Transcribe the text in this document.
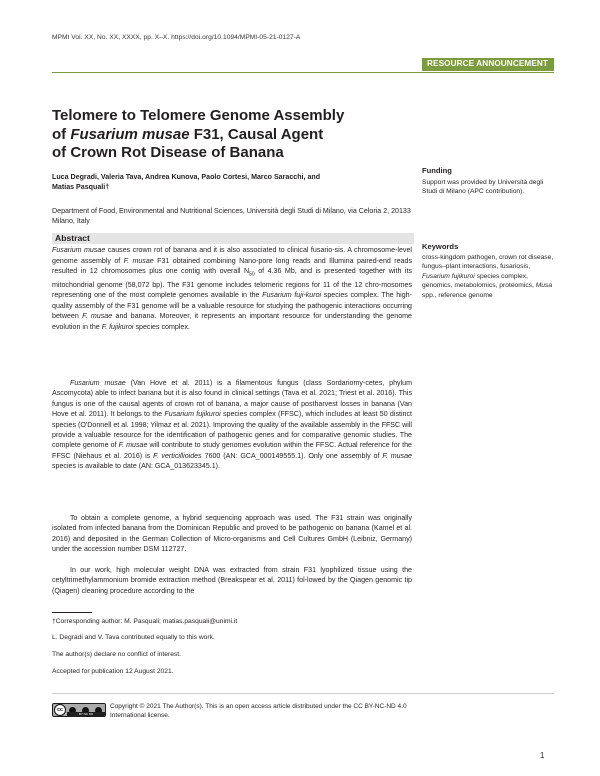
MPMI Vol. XX, No. XX, XXXX, pp. X–X. https://doi.org/10.1094/MPMI-05-21-0127-A
RESOURCE ANNOUNCEMENT
Telomere to Telomere Genome Assembly
of Fusarium musae F31, Causal Agent
of Crown Rot Disease of Banana
Luca Degradi, Valeria Tava, Andrea Kunova, Paolo Cortesi, Marco Saracchi, and
Matias Pasquali†
Department of Food, Environmental and Nutritional Sciences, Università degli Studi di Milano, via Celoria 2, 20133 Milano, Italy
Abstract

Fusarium musae causes crown rot of banana and it is also associated to clinical fusario-sis. A chromosome-level genome assembly of F. musae F31 obtained combining Nano-pore long reads and Illumina paired-end reads resulted in 12 chromosomes plus one contig with overall $N_{50}$ of 4.36 Mb, and is presented together with its mitochondrial genome (58,072 bp). The F31 genome includes telomeric regions for 11 of the 12 chro-mosomes representing one of the most complete genomes available in the Fusarium fuji-kuroi species complex. The high-quality assembly of the F31 genome will be a valuable resource for studying the pathogenic interactions occurring between F. musae and banana. Moreover, it represents an important resource for understanding the genome evolution in the F. fujikuroi species complex.

Funding
Support was provided by Università degli Studi di Milano (APC contribution).
Keywords
cross-kingdom pathogen, crown rot disease, fungus–plant interactions, fusariosis, Fusarium fujikuroi species complex, genomics, metabolomics, proteomics, Musa spp., reference genome

Fusarium musae (Van Hove et al. 2011) is a filamentous fungus (class Sordariomy-cetes, phylum Ascomycota) able to infect banana but it is also found in clinical settings (Tava et al. 2021; Triest et al. 2016). This fungus is one of the causal agents of crown rot of banana, a major cause of postharvest losses in banana (Van Hove et al. 2011). It belongs to the Fusarium fujikuroi species complex (FFSC), which includes at least 50 distinct species (O'Donnell et al. 1998; Yilmaz et al. 2021). Improving the quality of the available assembly in the FFSC will provide a valuable resource for the identification of pathogenic genes and for comparative genomic studies. The complete genome of F. musae will contribute to study genomes evolution within the FFSC. Actual reference for the FFSC (Niehaus et al. 2016) is F. verticillioides 7600 (AN: GCA_000149555.1). Only one assembly of F. musae species is available to date (AN: GCA_013623345.1).

To obtain a complete genome, a hybrid sequencing approach was used. The F31 strain was originally isolated from infected banana from the Dominican Republic and proved to be pathogenic on banana (Kamel et al. 2016) and deposited in the German Collection of Micro-organisms and Cell Cultures GmbH (Leibniz, Germany) under the accession number DSM 112727.

In our work, high molecular weight DNA was extracted from strain F31 lyophilized tissue using the cetyltrimethylammonium bromide extraction method (Breakspear et al. 2011) fol-lowed by the Qiagen genomic tip (Qiagen) cleaning procedure according to the

†Corresponding author: M. Pasquali; matias.pasquali@unimi.it
L. Degradi and V. Tava contributed equally to this work.
The author(s) declare no conflict of interest.
Accepted for publication 12 August 2021.
cc
BY NC ND
Copyright © 2021 The Author(s). This is an open access article distributed under the CC BY-NC-ND 4.0 International license.
1
